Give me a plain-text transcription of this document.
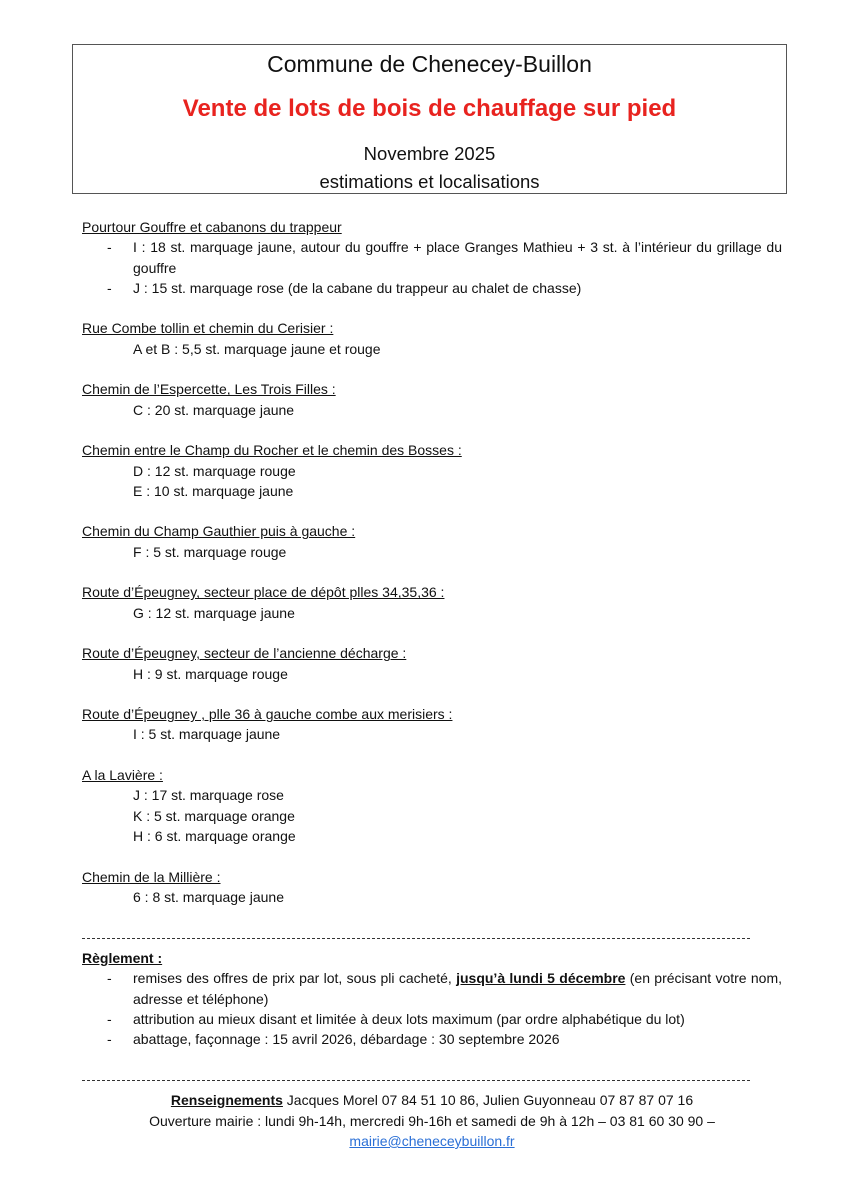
Commune de Chenecey-Buillon
Vente de lots de bois de chauffage sur pied
Novembre 2025
estimations et localisations
Pourtour Gouffre et cabanons du trappeur
- I : 18 st. marquage jaune, autour du gouffre + place Granges Mathieu + 3 st. à l’intérieur du grillage du gouffre
- J : 15 st. marquage rose (de la cabane du trappeur au chalet de chasse)
Rue Combe tollin et chemin du Cerisier :
A et B : 5,5 st. marquage jaune et rouge
Chemin de l’Espercette, Les Trois Filles :
C : 20 st. marquage jaune
Chemin entre le Champ du Rocher et le chemin des Bosses :
D : 12 st. marquage rouge
E : 10 st. marquage jaune
Chemin du Champ Gauthier puis à gauche :
F : 5 st. marquage rouge
Route d’Épeugney, secteur place de dépôt plles 34,35,36 :
G : 12 st. marquage jaune
Route d’Épeugney, secteur de l’ancienne décharge :
H : 9 st. marquage rouge
Route d’Épeugney , plle 36 à gauche combe aux merisiers :
I : 5 st. marquage jaune
A la Lavière :
J : 17 st. marquage rose
K : 5 st. marquage orange
H : 6 st. marquage orange
Chemin de la Millière :
6 : 8 st. marquage jaune
Règlement :
- remises des offres de prix par lot, sous pli cacheté, jusqu’à lundi 5 décembre (en précisant votre nom, adresse et téléphone)
- attribution au mieux disant et limitée à deux lots maximum (par ordre alphabétique du lot)
- abattage, façonnage : 15 avril 2026, débardage : 30 septembre 2026
Renseignements Jacques Morel 07 84 51 10 86, Julien Guyonneau 07 87 87 07 16
Ouverture mairie : lundi 9h-14h, mercredi 9h-16h et samedi de 9h à 12h – 03 81 60 30 90 –
mairie@cheneceybuillon.fr
